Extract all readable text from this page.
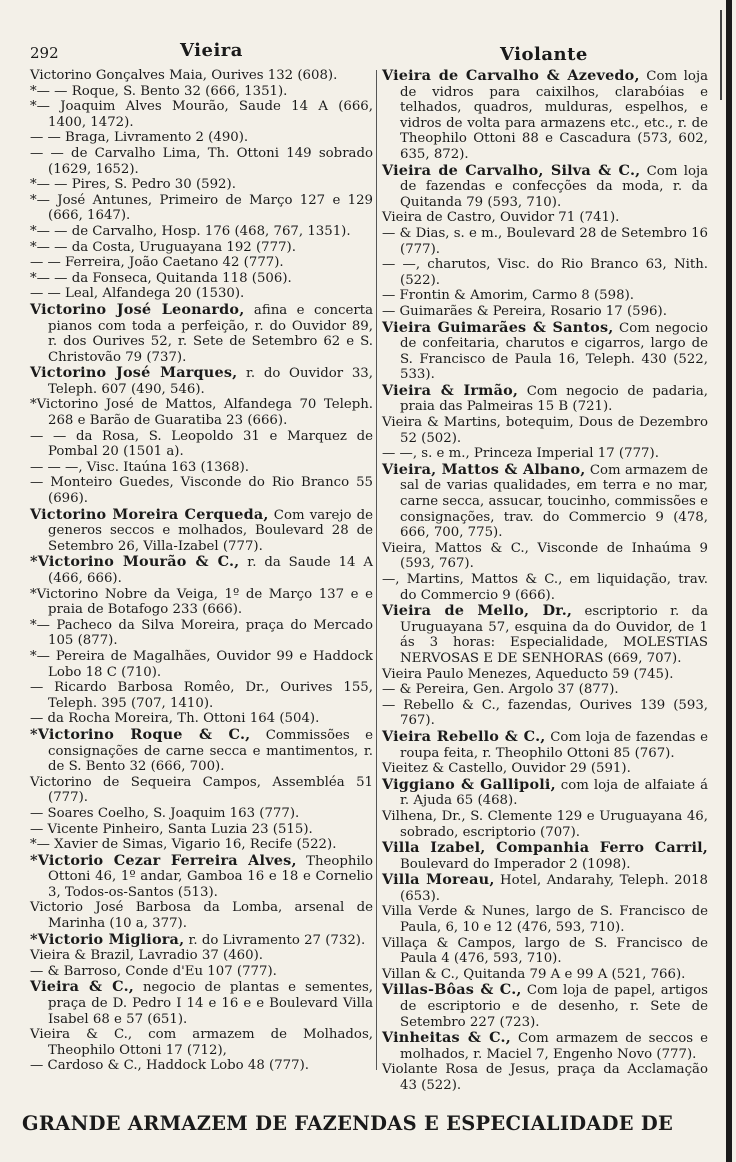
292	Vieira	Violante

Victorino Gonçalves Maia, Ourives 132 (608).

*— — Roque, S. Bento 32 (666, 1351).

*— Joaquim Alves Mourão, Saude 14 A (666, 1400, 1472).

— — Braga, Livramento 2 (490).

— — de Carvalho Lima, Th. Ottoni 149 sobrado (1629, 1652).

*— — Pires, S. Pedro 30 (592).

*— José Antunes, Primeiro de Março 127 e 129 (666, 1647).

*— — de Carvalho, Hosp. 176 (468, 767, 1351).

*— — da Costa, Uruguayana 192 (777).

— — Ferreira, João Caetano 42 (777).

*— — da Fonseca, Quitanda 118 (506).

— — Leal, Alfandega 20 (1530).

Victorino José Leonardo, afina e concerta pianos com toda a perfeição, r. do Ouvidor 89, r. dos Ourives 52, r. Sete de Setembro 62 e S. Christovão 79 (737).

Victorino José Marques, r. do Ouvidor 33, Teleph. 607 (490, 546).

*Victorino José de Mattos, Alfandega 70 Teleph. 268 e Barão de Guaratiba 23 (666).

— — da Rosa, S. Leopoldo 31 e Marquez de Pombal 20 (1501 a).

— — —, Visc. Itaúna 163 (1368).

— Monteiro Guedes, Visconde do Rio Branco 55 (696).

Victorino Moreira Cerqueda, Com varejo de generos seccos e molhados, Boulevard 28 de Setembro 26, Villa-Izabel (777).

*Victorino Mourão & C., r. da Saude 14 A (466, 666).

*Victorino Nobre da Veiga, 1º de Março 137 e e praia de Botafogo 233 (666).

*— Pacheco da Silva Moreira, praça do Mercado 105 (877).

*— Pereira de Magalhães, Ouvidor 99 e Haddock Lobo 18 C (710).

— Ricardo Barbosa Romêo, Dr., Ourives 155, Teleph. 395 (707, 1410).

— da Rocha Moreira, Th. Ottoni 164 (504).

*Victorino Roque & C., Commissões e consignações de carne secca e mantimentos, r. de S. Bento 32 (666, 700).

Victorino de Sequeira Campos, Assembléa 51 (777).

— Soares Coelho, S. Joaquim 163 (777).

— Vicente Pinheiro, Santa Luzia 23 (515).

*— Xavier de Simas, Vigario 16, Recife (522).

*Victorio Cezar Ferreira Alves, Theophilo Ottoni 46, 1º andar, Gamboa 16 e 18 e Cornelio 3, Todos-os-Santos (513).

Victorio José Barbosa da Lomba, arsenal de Marinha (10 a, 377).

*Victorio Migliora, r. do Livramento 27 (732).

Vieira & Brazil, Lavradio 37 (460).

— & Barroso, Conde d'Eu 107 (777).

Vieira & C., negocio de plantas e sementes, praça de D. Pedro I 14 e 16 e e Boulevard Villa Isabel 68 e 57 (651).

Vieira & C., com armazem de Molhados, Theophilo Ottoni 17 (712),

— Cardoso & C., Haddock Lobo 48 (777).

Vieira de Carvalho & Azevedo, Com loja de vidros para caixilhos, clarabóias e telhados, quadros, mulduras, espelhos, e vidros de volta para armazens etc., etc., r. de Theophilo Ottoni 88 e Cascadura (573, 602, 635, 872).

Vieira de Carvalho, Silva & C., Com loja de fazendas e confecções da moda, r. da Quitanda 79 (593, 710).

Vieira de Castro, Ouvidor 71 (741).

— & Dias, s. e m., Boulevard 28 de Setembro 16 (777).

— —, charutos, Visc. do Rio Branco 63, Nith. (522).

— Frontin & Amorim, Carmo 8 (598).

— Guimarães & Pereira, Rosario 17 (596).

Vieira Guimarães & Santos, Com negocio de confeitaria, charutos e cigarros, largo de S. Francisco de Paula 16, Teleph. 430 (522, 533).

Vieira & Irmão, Com negocio de padaria, praia das Palmeiras 15 B (721).

Vieira & Martins, botequim, Dous de Dezembro 52 (502).

— —, s. e m., Princeza Imperial 17 (777).

Vieira, Mattos & Albano, Com armazem de sal de varias qualidades, em terra e no mar, carne secca, assucar, toucinho, commissões e consignações, trav. do Commercio 9 (478, 666, 700, 775).

Vieira, Mattos & C., Visconde de Inhaúma 9 (593, 767).

—, Martins, Mattos & C., em liquidação, trav. do Commercio 9 (666).

Vieira de Mello, Dr., escriptorio r. da Uruguayana 57, esquina da do Ouvidor, de 1 ás 3 horas: Especialidade, MOLESTIAS NERVOSAS E DE SENHORAS (669, 707).

Vieira Paulo Menezes, Aqueducto 59 (745).

— & Pereira, Gen. Argolo 37 (877).

— Rebello & C., fazendas, Ourives 139 (593, 767).

Vieira Rebello & C., Com loja de fazendas e roupa feita, r. Theophilo Ottoni 85 (767).

Vieitez & Castello, Ouvidor 29 (591).

Viggiano & Gallipoli, com loja de alfaiate á r. Ajuda 65 (468).

Vilhena, Dr., S. Clemente 129 e Uruguayana 46, sobrado, escriptorio (707).

Villa Izabel, Companhia Ferro Carril, Boulevard do Imperador 2 (1098).

Villa Moreau, Hotel, Andarahy, Teleph. 2018 (653).

Villa Verde & Nunes, largo de S. Francisco de Paula, 6, 10 e 12 (476, 593, 710).

Villaça & Campos, largo de S. Francisco de Paula 4 (476, 593, 710).

Villan & C., Quitanda 79 A e 99 A (521, 766).

Villas-Bôas & C., Com loja de papel, artigos de escriptorio e de desenho, r. Sete de Setembro 227 (723).

Vinheitas & C., Com armazem de seccos e molhados, r. Maciel 7, Engenho Novo (777).

Violante Rosa de Jesus, praça da Acclamação 43 (522).

GRANDE ARMAZEM DE FAZENDAS E ESPECIALIDADE DE
